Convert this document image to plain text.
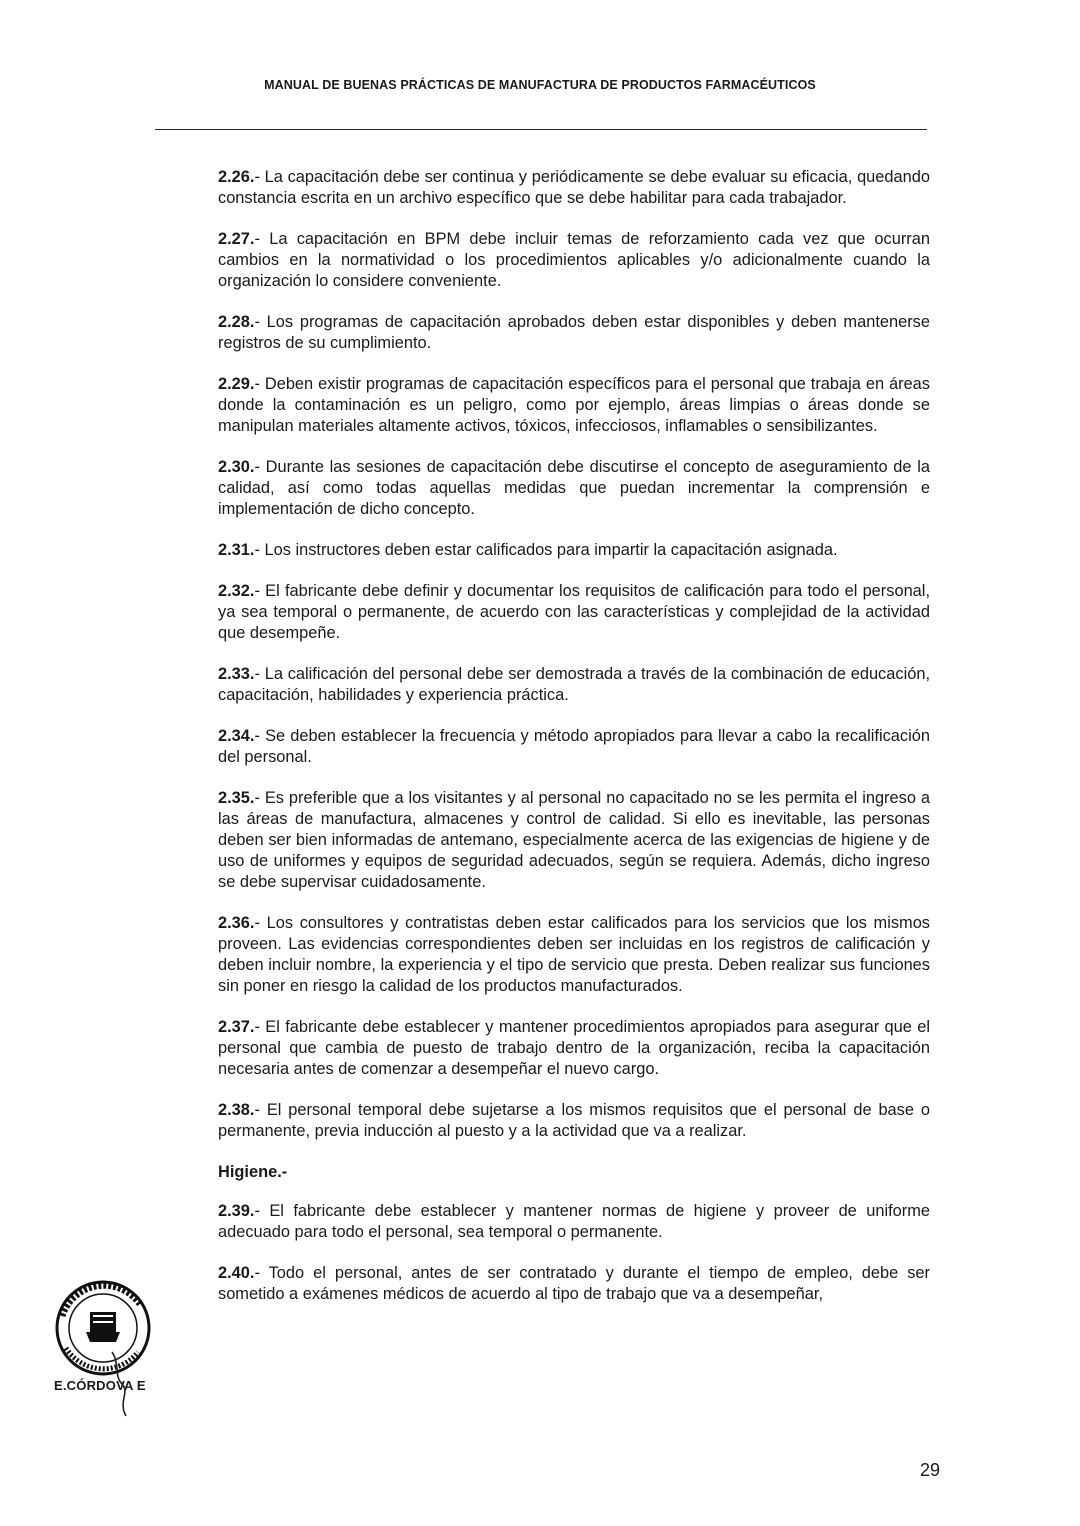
MANUAL DE BUENAS PRÁCTICAS DE MANUFACTURA DE PRODUCTOS FARMACÉUTICOS

2.26.- La capacitación debe ser continua y periódicamente se debe evaluar su eficacia, quedando constancia escrita en un archivo específico que se debe habilitar para cada trabajador.

2.27.- La capacitación en BPM debe incluir temas de reforzamiento cada vez que ocurran cambios en la normatividad o los procedimientos aplicables y/o adicionalmente cuando la organización lo considere conveniente.

2.28.- Los programas de capacitación aprobados deben estar disponibles y deben mantenerse registros de su cumplimiento.

2.29.- Deben existir programas de capacitación específicos para el personal que trabaja en áreas donde la contaminación es un peligro, como por ejemplo, áreas limpias o áreas donde se manipulan materiales altamente activos, tóxicos, infecciosos, inflamables o sensibilizantes.

2.30.- Durante las sesiones de capacitación debe discutirse el concepto de aseguramiento de la calidad, así como todas aquellas medidas que puedan incrementar la comprensión e implementación de dicho concepto.

2.31.- Los instructores deben estar calificados para impartir la capacitación asignada.

2.32.- El fabricante debe definir y documentar los requisitos de calificación para todo el personal, ya sea temporal o permanente, de acuerdo con las características y complejidad de la actividad que desempeñe.

2.33.- La calificación del personal debe ser demostrada a través de la combinación de educación, capacitación, habilidades y experiencia práctica.

2.34.- Se deben establecer la frecuencia y método apropiados para llevar a cabo la recalificación del personal.

2.35.- Es preferible que a los visitantes y al personal no capacitado no se les permita el ingreso a las áreas de manufactura, almacenes y control de calidad. Si ello es inevitable, las personas deben ser bien informadas de antemano, especialmente acerca de las exigencias de higiene y de uso de uniformes y equipos de seguridad adecuados, según se requiera. Además, dicho ingreso se debe supervisar cuidadosamente.

2.36.- Los consultores y contratistas deben estar calificados para los servicios que los mismos proveen. Las evidencias correspondientes deben ser incluidas en los registros de calificación y deben incluir nombre, la experiencia y el tipo de servicio que presta. Deben realizar sus funciones sin poner en riesgo la calidad de los productos manufacturados.

2.37.- El fabricante debe establecer y mantener procedimientos apropiados para asegurar que el personal que cambia de puesto de trabajo dentro de la organización, reciba la capacitación necesaria antes de comenzar a desempeñar el nuevo cargo.

2.38.- El personal temporal debe sujetarse a los mismos requisitos que el personal de base o permanente, previa inducción al puesto y a la actividad que va a realizar.

Higiene.-

2.39.- El fabricante debe establecer y mantener normas de higiene y proveer de uniforme adecuado para todo el personal, sea temporal o permanente.

2.40.- Todo el personal, antes de ser contratado y durante el tiempo de empleo, debe ser sometido a exámenes médicos de acuerdo al tipo de trabajo que va a desempeñar,

E.CÓRDOVA E
29
